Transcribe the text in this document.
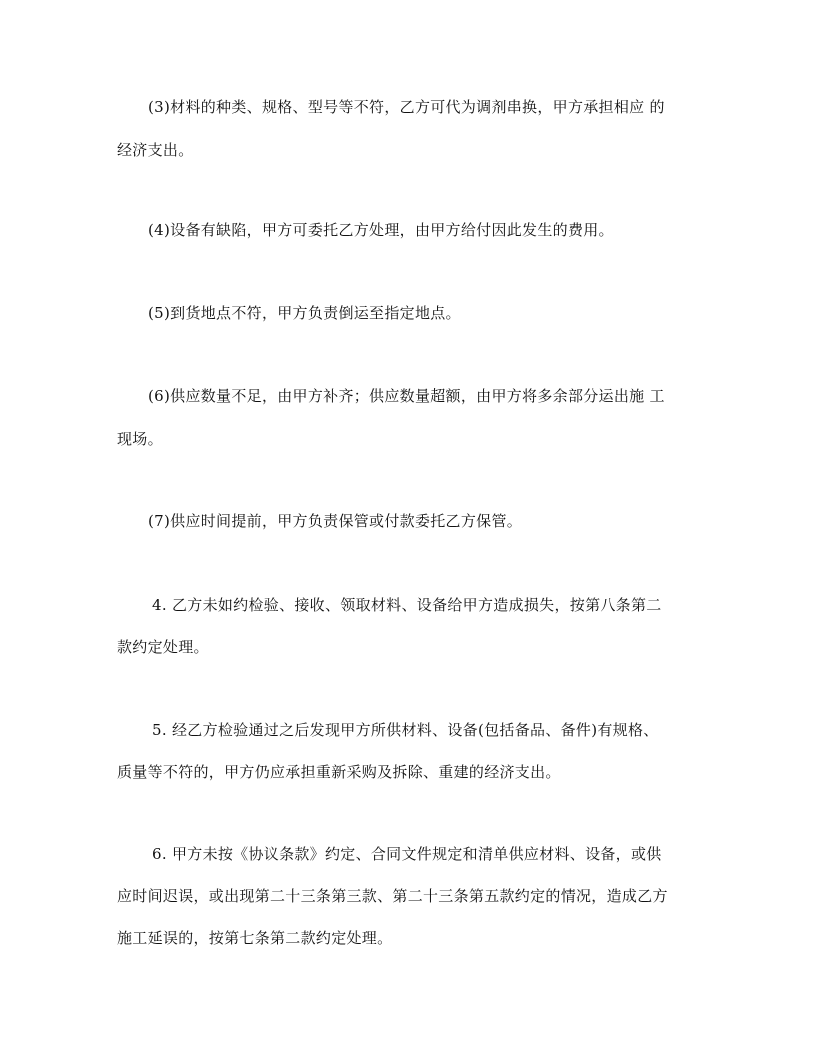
(3)材料的种类、规格、型号等不符，乙方可代为调剂串换，甲方承担相应 的
经济支出。
(4)设备有缺陷，甲方可委托乙方处理，由甲方给付因此发生的费用。
(5)到货地点不符，甲方负责倒运至指定地点。
(6)供应数量不足，由甲方补齐；供应数量超额，由甲方将多余部分运出施 工
现场。
(7)供应时间提前，甲方负责保管或付款委托乙方保管。
4. 乙方未如约检验、接收、领取材料、设备给甲方造成损失，按第八条第二
款约定处理。
5. 经乙方检验通过之后发现甲方所供材料、设备(包括备品、备件)有规格、
质量等不符的，甲方仍应承担重新采购及拆除、重建的经济支出。
6. 甲方未按《协议条款》约定、合同文件规定和清单供应材料、设备，或供
应时间迟误，或出现第二十三条第三款、第二十三条第五款约定的情况，造成乙方
施工延误的，按第七条第二款约定处理。
